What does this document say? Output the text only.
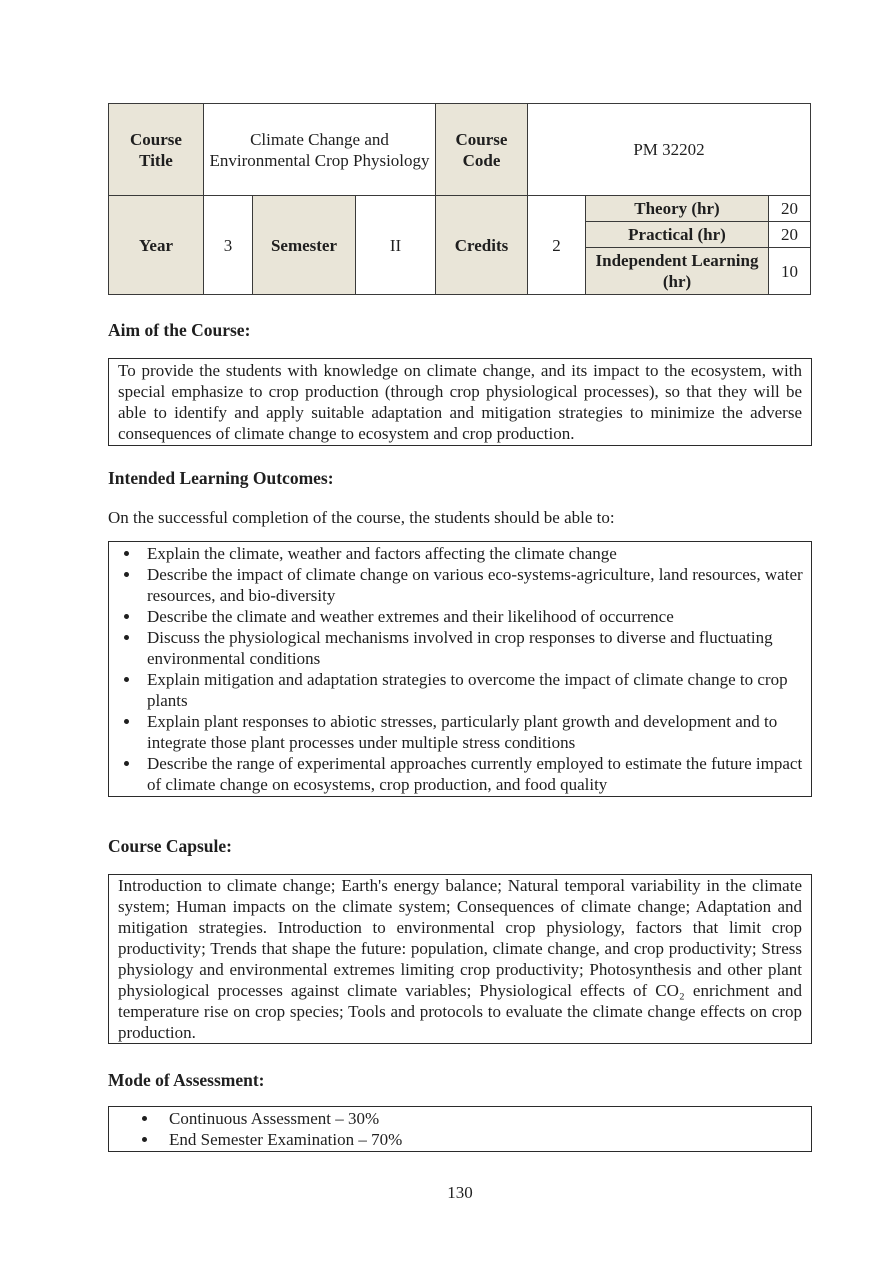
Course Title	Climate Change and Environmental Crop Physiology			Course Code	PM 32202		
Year	3	Semester	II	Credits	2	Theory (hr)	20
						Practical (hr)	20
						Independent Learning (hr)	10
Aim of the Course:
To provide the students with knowledge on climate change, and its impact to the ecosystem, with special emphasize to crop production (through crop physiological processes), so that they will be able to identify and apply suitable adaptation and mitigation strategies to minimize the adverse consequences of climate change to ecosystem and crop production.
Intended Learning Outcomes:
On the successful completion of the course, the students should be able to:
• Explain the climate, weather and factors affecting the climate change
• Describe the impact of climate change on various eco-systems-agriculture, land resources, water resources, and bio-diversity
• Describe the climate and weather extremes and their likelihood of occurrence
• Discuss the physiological mechanisms involved in crop responses to diverse and fluctuating environmental conditions
• Explain mitigation and adaptation strategies to overcome the impact of climate change to crop plants
• Explain plant responses to abiotic stresses, particularly plant growth and development and to integrate those plant processes under multiple stress conditions
• Describe the range of experimental approaches currently employed to estimate the future impact of climate change on ecosystems, crop production, and food quality
Course Capsule:
Introduction to climate change; Earth's energy balance; Natural temporal variability in the climate system; Human impacts on the climate system; Consequences of climate change; Adaptation and mitigation strategies. Introduction to environmental crop physiology, factors that limit crop productivity; Trends that shape the future: population, climate change, and crop productivity; Stress physiology and environmental extremes limiting crop productivity; Photosynthesis and other plant physiological processes against climate variables; Physiological effects of CO₂ enrichment and temperature rise on crop species; Tools and protocols to evaluate the climate change effects on crop production.
Mode of Assessment:
• Continuous Assessment – 30%
• End Semester Examination – 70%
130
